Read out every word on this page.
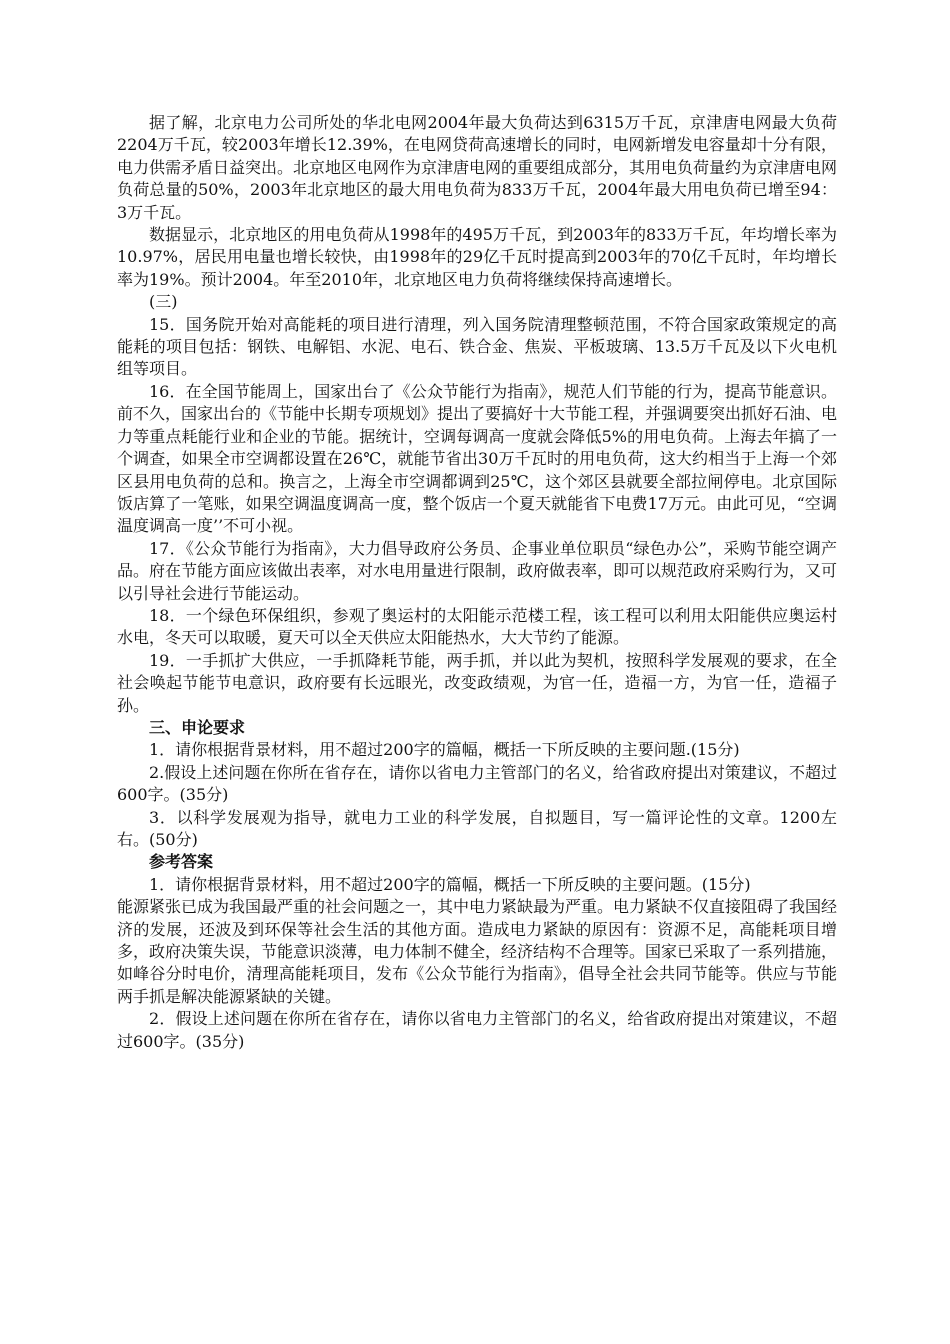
据了解，北京电力公司所处的华北电网2004年最大负荷达到6315万千瓦，京津唐电网最大负荷2204万千瓦，较2003年增长12.39%，在电网贷荷高速增长的同时，电网新增发电容量却十分有限，电力供需矛盾日益突出。北京地区电网作为京津唐电网的重要组成部分，其用电负荷量约为京津唐电网负荷总量的50%，2003年北京地区的最大用电负荷为833万千瓦，2004年最大用电负荷已增至94：3万千瓦。

数据显示，北京地区的用电负荷从1998年的495万千瓦，到2003年的833万千瓦，年均增长率为10.97%，居民用电量也增长较快，由1998年的29亿千瓦时提高到2003年的70亿千瓦时，年均增长率为19%。预计2004。年至2010年，北京地区电力负荷将继续保持高速增长。

(三)

15．国务院开始对高能耗的项目进行清理，列入国务院清理整顿范围，不符合国家政策规定的高能耗的项目包括：钢铁、电解铝、水泥、电石、铁合金、焦炭、平板玻璃、13.5万千瓦及以下火电机组等项目。

16．在全国节能周上，国家出台了《公众节能行为指南》，规范人们节能的行为，提高节能意识。前不久，国家出台的《节能中长期专项规划》提出了要搞好十大节能工程，并强调要突出抓好石油、电力等重点耗能行业和企业的节能。据统计，空调每调高一度就会降低5%的用电负荷。上海去年搞了一个调查，如果全市空调都设置在26℃，就能节省出30万千瓦时的用电负荷，这大约相当于上海一个郊区县用电负荷的总和。换言之，上海全市空调都调到25℃，这个郊区县就要全部拉闸停电。北京国际饭店算了一笔账，如果空调温度调高一度，整个饭店一个夏天就能省下电费17万元。由此可见，“空调温度调高一度’’不可小视。

17．《公众节能行为指南》，大力倡导政府公务员、企事业单位职员“绿色办公”，采购节能空调产品。府在节能方面应该做出表率，对水电用量进行限制，政府做表率，即可以规范政府采购行为，又可以引导社会进行节能运动。

18．一个绿色环保组织，参观了奥运村的太阳能示范楼工程，该工程可以利用太阳能供应奥运村水电，冬天可以取暖，夏天可以全天供应太阳能热水，大大节约了能源。

19．一手抓扩大供应，一手抓降耗节能，两手抓，并以此为契机，按照科学发展观的要求，在全社会唤起节能节电意识，政府要有长远眼光，改变政绩观，为官一任，造福一方，为官一任，造福子孙。

三、申论要求

1．请你根据背景材料，用不超过200字的篇幅，概括一下所反映的主要问题.(15分)

2.假设上述问题在你所在省存在，请你以省电力主管部门的名义，给省政府提出对策建议，不超过600字。(35分)

3．以科学发展观为指导，就电力工业的科学发展，自拟题目，写一篇评论性的文章。1200左右。(50分)

参考答案

1．请你根据背景材料，用不超过200字的篇幅，概括一下所反映的主要问题。(15分)

能源紧张已成为我国最严重的社会问题之一，其中电力紧缺最为严重。电力紧缺不仅直接阻碍了我国经济的发展，还波及到环保等社会生活的其他方面。造成电力紧缺的原因有：资源不足，高能耗项目增多，政府决策失误，节能意识淡薄，电力体制不健全，经济结构不合理等。国家已采取了一系列措施，如峰谷分时电价，清理高能耗项目，发布《公众节能行为指南》，倡导全社会共同节能等。供应与节能两手抓是解决能源紧缺的关键。

2．假设上述问题在你所在省存在，请你以省电力主管部门的名义，给省政府提出对策建议，不超过600字。(35分)
